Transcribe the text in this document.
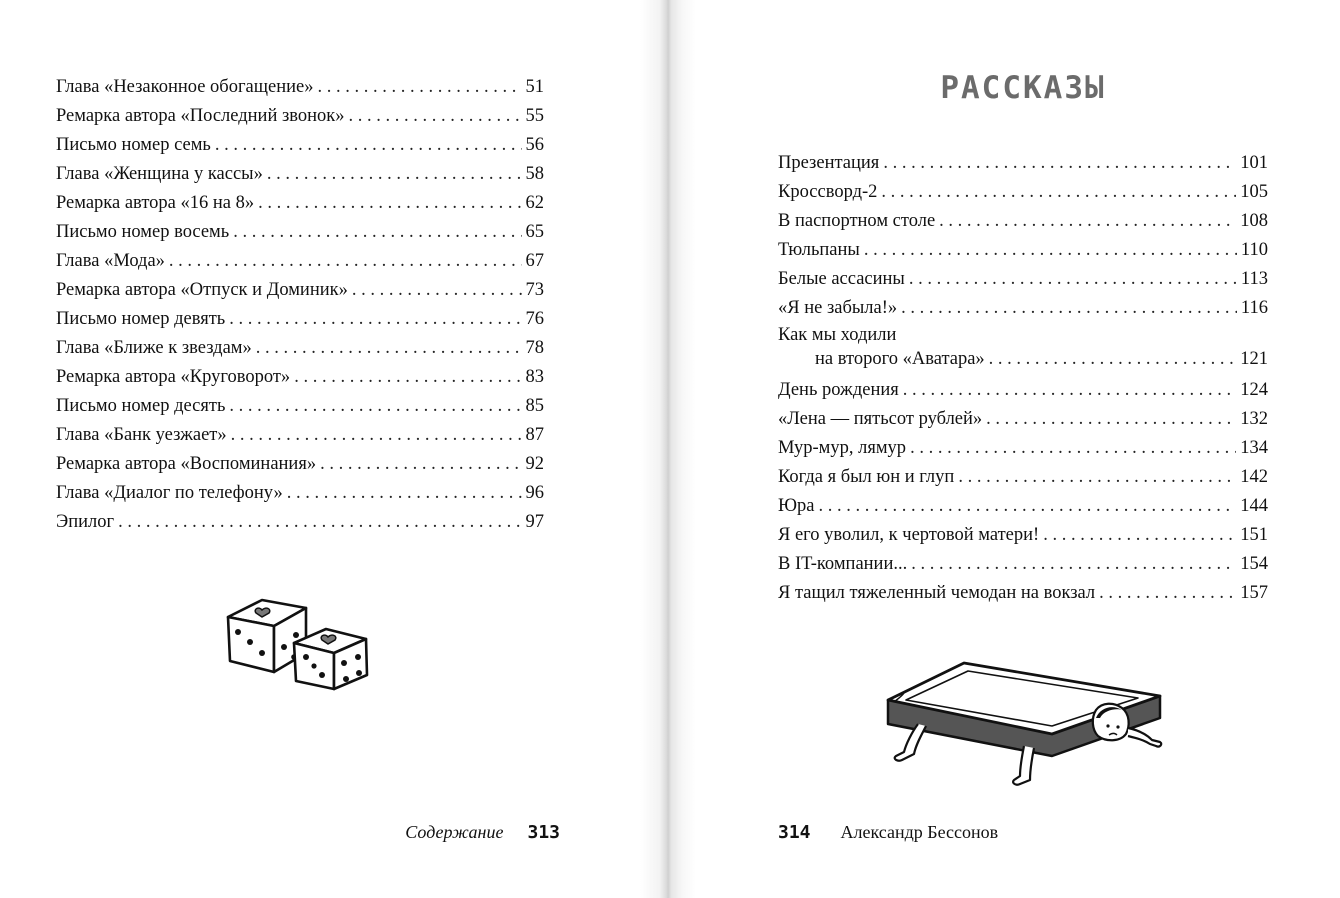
Глава «Незаконное обогащение» . . .	51
Ремарка автора «Последний звонок» . . .	55
Письмо номер семь . . .	56
Глава «Женщина у кассы» . . .	58
Ремарка автора «16 на 8» . . .	62
Письмо номер восемь . . .	65
Глава «Мода» . . .	67
Ремарка автора «Отпуск и Доминик» . . .	73
Письмо номер девять . . .	76
Глава «Ближе к звездам» . . .	78
Ремарка автора «Круговорот» . . .	83
Письмо номер десять . . .	85
Глава «Банк уезжает» . . .	87
Ремарка автора «Воспоминания» . . .	92
Глава «Диалог по телефону» . . .	96
Эпилог . . .	97
РАССКАЗЫ
Презентация . . .	101
Кроссворд-2 . . .	105
В паспортном столе . . .	108
Тюльпаны . . .	110
Белые ассасины . . .	113
«Я не забыла!» . . .	116
Как мы ходили
на второго «Аватара» . . .	121
День рождения . . .	124
«Лена — пятьсот рублей» . . .	132
Мур-мур, лямур . . .	134
Когда я был юн и глуп . . .	142
Юра . . .	144
Я его уволил, к чертовой матери! . . .	151
В IT-компании... . . .	154
Я тащил тяжеленный чемодан на вокзал . . .	157
Содержание 313	314 Александр Бессонов
